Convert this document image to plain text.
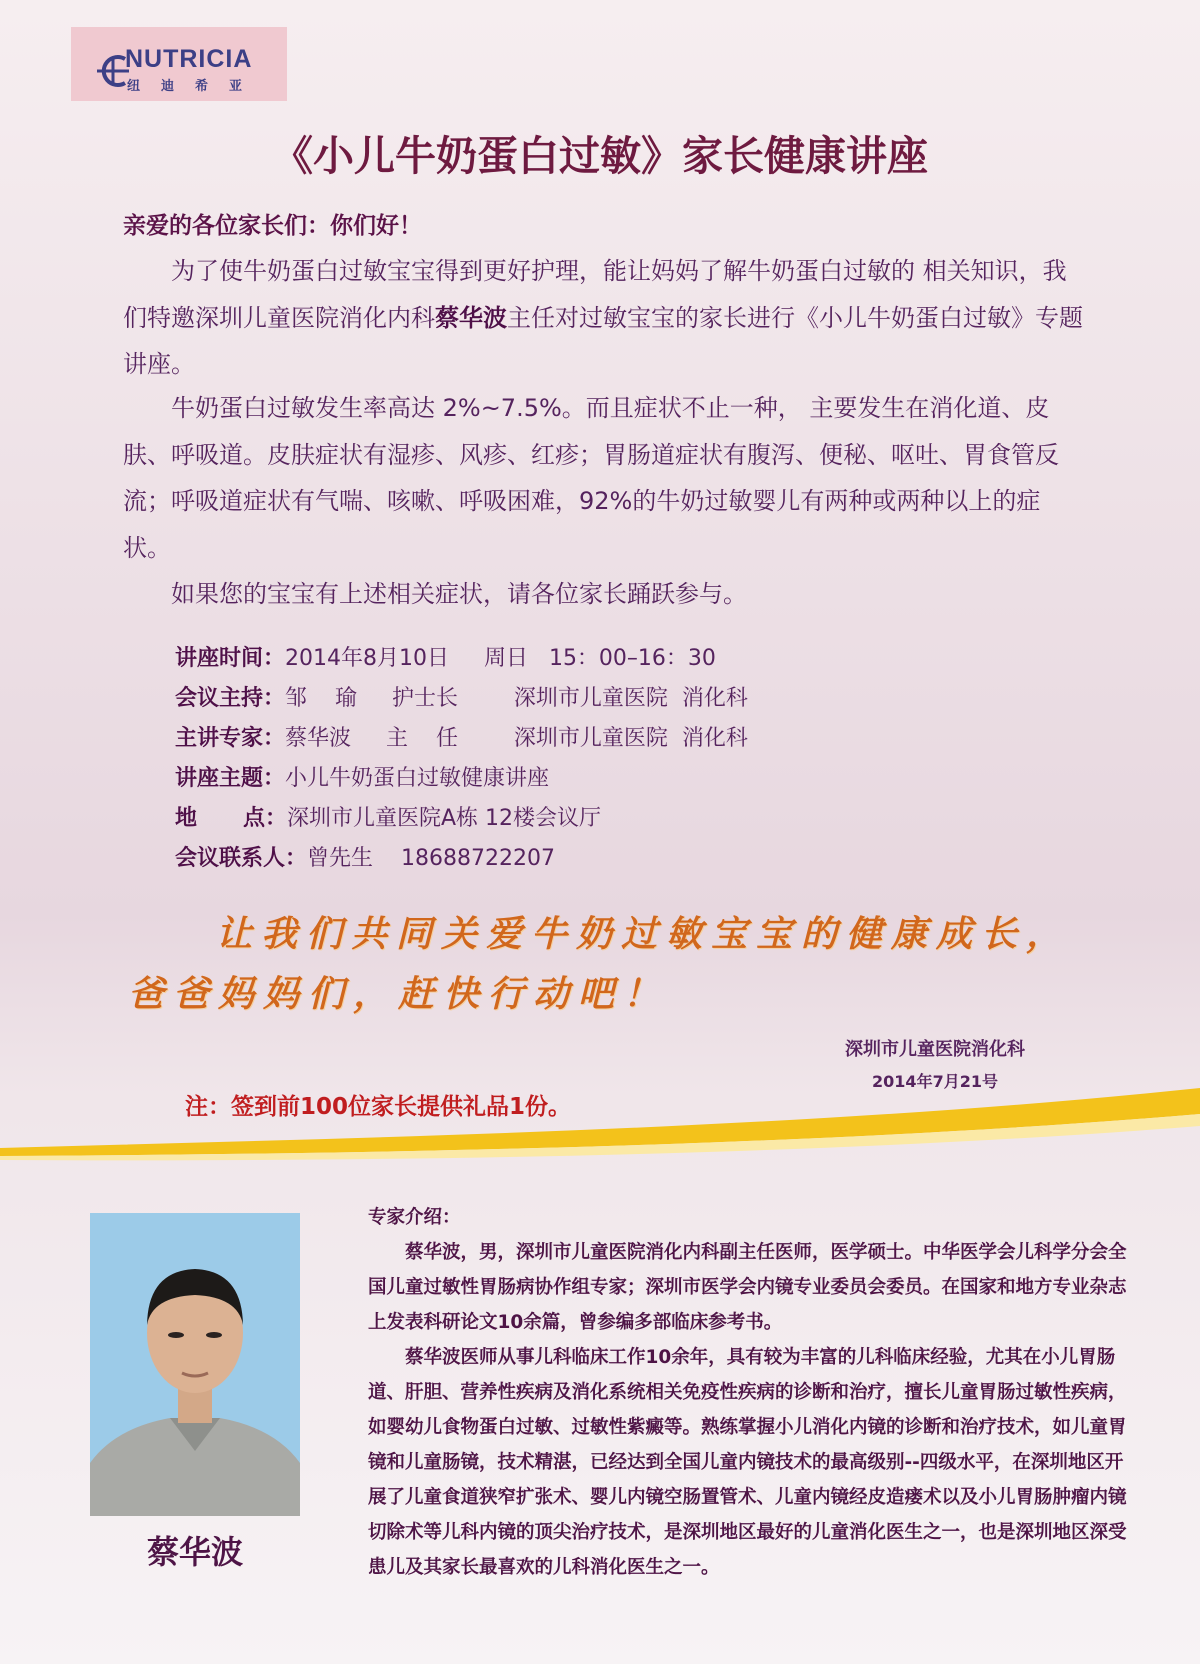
NUTRICIA
纽迪希亚
《小儿牛奶蛋白过敏》家长健康讲座
亲爱的各位家长们：你们好！

为了使牛奶蛋白过敏宝宝得到更好护理，能让妈妈了解牛奶蛋白过敏的 相关知识，我们特邀深圳儿童医院消化内科蔡华波主任对过敏宝宝的家长进行《小儿牛奶蛋白过敏》专题讲座。

牛奶蛋白过敏发生率高达 2%~7.5%。而且症状不止一种， 主要发生在消化道、皮肤、呼吸道。皮肤症状有湿疹、风疹、红疹；胃肠道症状有腹泻、便秘、呕吐、胃食管反流；呼吸道症状有气喘、咳嗽、呼吸困难，92%的牛奶过敏婴儿有两种或两种以上的症状。

如果您的宝宝有上述相关症状，请各位家长踊跃参与。

讲座时间：2014年8月10日     周日   15：00–16：30
会议主持：邹    瑜     护士长        深圳市儿童医院  消化科
主讲专家：蔡华波     主    任        深圳市儿童医院  消化科
讲座主题：小儿牛奶蛋白过敏健康讲座
地      点：深圳市儿童医院A栋 12楼会议厅
会议联系人：曾先生    18688722207
让我们共同关爱牛奶过敏宝宝的健康成长，
爸爸妈妈们，赶快行动吧！
深圳市儿童医院消化科
2014年7月21号
注：签到前100位家长提供礼品1份。
蔡华波
专家介绍：

蔡华波，男，深圳市儿童医院消化内科副主任医师，医学硕士。中华医学会儿科学分会全国儿童过敏性胃肠病协作组专家；深圳市医学会内镜专业委员会委员。在国家和地方专业杂志上发表科研论文10余篇，曾参编多部临床参考书。

蔡华波医师从事儿科临床工作10余年，具有较为丰富的儿科临床经验，尤其在小儿胃肠道、肝胆、营养性疾病及消化系统相关免疫性疾病的诊断和治疗，擅长儿童胃肠过敏性疾病，如婴幼儿食物蛋白过敏、过敏性紫癜等。熟练掌握小儿消化内镜的诊断和治疗技术，如儿童胃镜和儿童肠镜，技术精湛，已经达到全国儿童内镜技术的最高级别--四级水平，在深圳地区开展了儿童食道狭窄扩张术、婴儿内镜空肠置管术、儿童内镜经皮造瘘术以及小儿胃肠肿瘤内镜切除术等儿科内镜的顶尖治疗技术，是深圳地区最好的儿童消化医生之一，也是深圳地区深受患儿及其家长最喜欢的儿科消化医生之一。
